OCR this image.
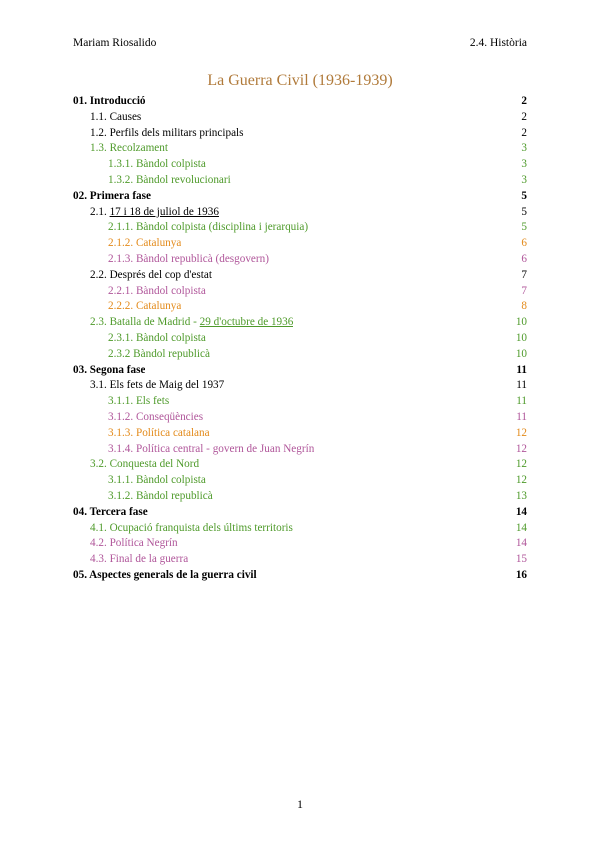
Mariam Riosalido	2.4. Història
La Guerra Civil (1936-1939)
01. Introducció	2
1.1. Causes	2
1.2. Perfils dels militars principals	2
1.3. Recolzament	3
1.3.1. Bàndol colpista	3
1.3.2. Bàndol revolucionari	3
02. Primera fase	5
2.1. 17 i 18 de juliol de 1936	5
2.1.1. Bàndol colpista (disciplina i jerarquia)	5
2.1.2. Catalunya	6
2.1.3. Bàndol republicà (desgovern)	6
2.2. Després del cop d'estat	7
2.2.1. Bàndol colpista	7
2.2.2. Catalunya	8
2.3. Batalla de Madrid - 29 d'octubre de 1936	10
2.3.1. Bàndol colpista	10
2.3.2 Bàndol republicà	10
03. Segona fase	11
3.1. Els fets de Maig del 1937	11
3.1.1. Els fets	11
3.1.2. Conseqüències	11
3.1.3. Política catalana	12
3.1.4. Política central - govern de Juan Negrín	12
3.2. Conquesta del Nord	12
3.1.1. Bàndol colpista	12
3.1.2. Bàndol republicà	13
04. Tercera fase	14
4.1. Ocupació franquista dels últims territoris	14
4.2. Política Negrín	14
4.3. Final de la guerra	15
05. Aspectes generals de la guerra civil	16
1
